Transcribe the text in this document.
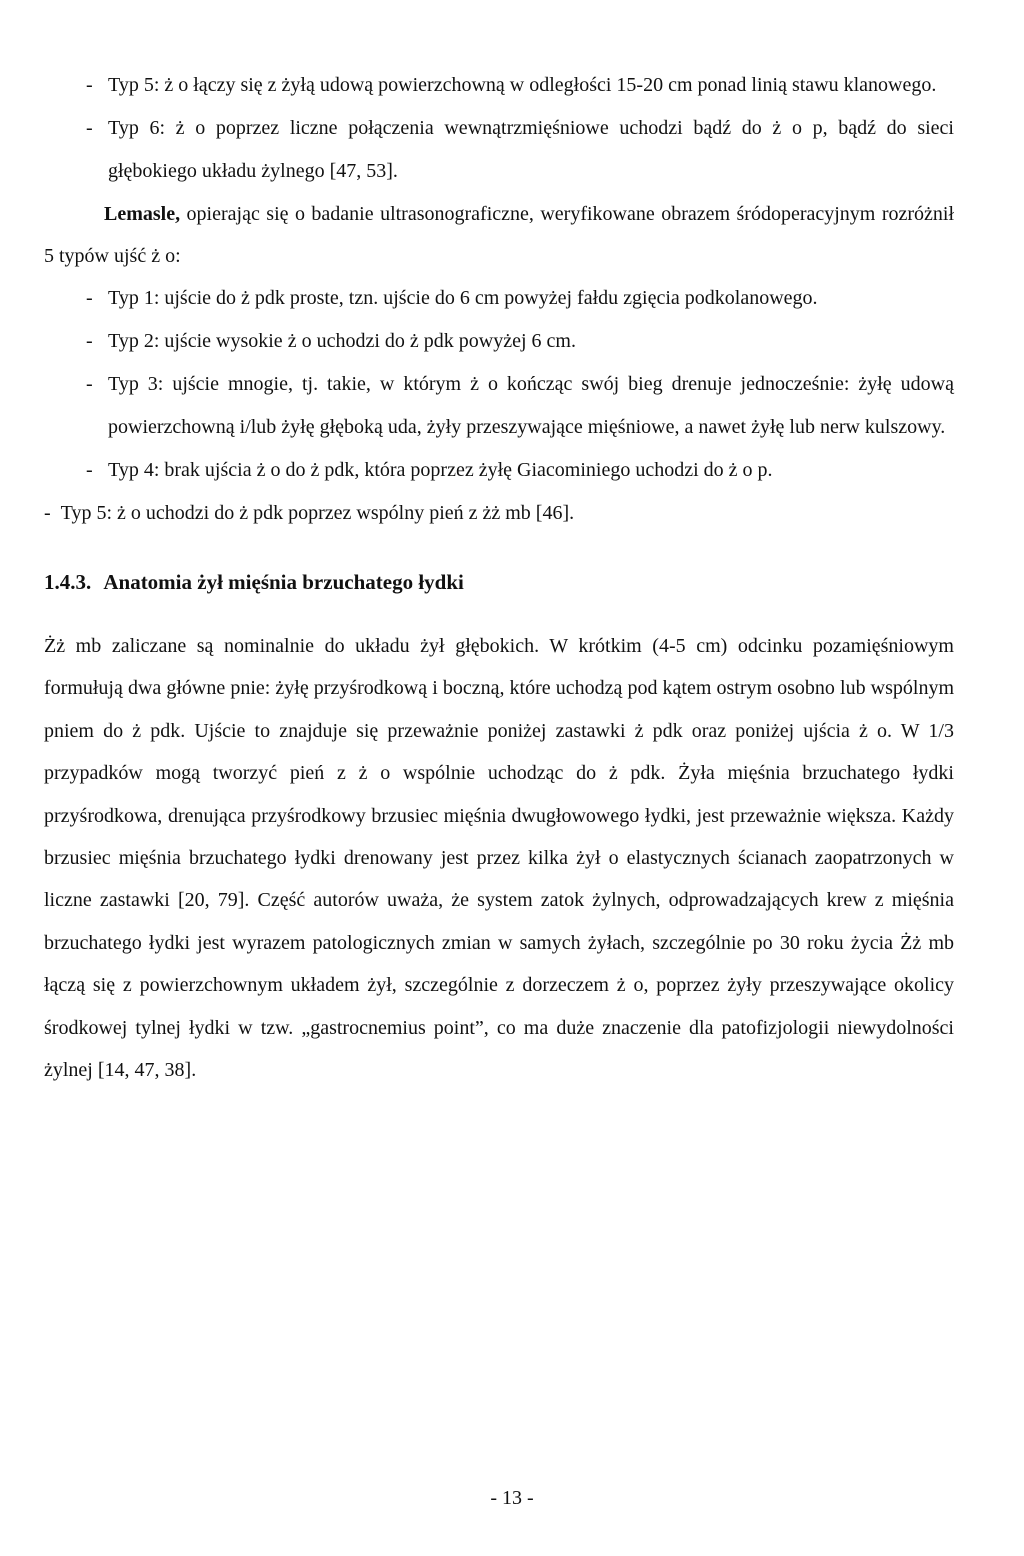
- Typ 5: ż o łączy się z żyłą udową powierzchowną w odległości 15-20 cm ponad linią stawu klanowego.
- Typ 6: ż o poprzez liczne połączenia wewnątrzmięśniowe uchodzi bądź do ż o p, bądź do sieci głębokiego układu żylnego [47, 53].
Lemasle, opierając się o badanie ultrasonograficzne, weryfikowane obrazem śródoperacyjnym rozróżnił 5 typów ujść ż o:
- Typ 1: ujście do ż pdk proste, tzn. ujście do 6 cm powyżej fałdu zgięcia podkolanowego.
- Typ 2: ujście wysokie ż o uchodzi do ż pdk powyżej 6 cm.
- Typ 3: ujście mnogie, tj. takie, w którym ż o kończąc swój bieg drenuje jednocześnie: żyłę udową powierzchowną i/lub żyłę głęboką uda, żyły przeszywające mięśniowe, a nawet żyłę lub nerw kulszowy.
- Typ 4: brak ujścia ż o do ż pdk, która poprzez żyłę Giacominiego uchodzi do ż o p.
- Typ 5: ż o uchodzi do ż pdk poprzez wspólny pień z żż mb [46].
1.4.3. Anatomia żył mięśnia brzuchatego łydki
Żż mb zaliczane są nominalnie do układu żył głębokich. W krótkim (4-5 cm) odcinku pozamięśniowym formułują dwa główne pnie: żyłę przyśrodkową i boczną, które uchodzą pod kątem ostrym osobno lub wspólnym pniem do ż pdk. Ujście to znajduje się przeważnie poniżej zastawki ż pdk oraz poniżej ujścia ż o. W 1/3 przypadków mogą tworzyć pień z ż o wspólnie uchodząc do ż pdk. Żyła mięśnia brzuchatego łydki przyśrodkowa, drenująca przyśrodkowy brzusiec mięśnia dwugłowowego łydki, jest przeważnie większa. Każdy brzusiec mięśnia brzuchatego łydki drenowany jest przez kilka żył o elastycznych ścianach zaopatrzonych w liczne zastawki [20, 79]. Część autorów uważa, że system zatok żylnych, odprowadzających krew z mięśnia brzuchatego łydki jest wyrazem patologicznych zmian w samych żyłach, szczególnie po 30 roku życia Żż mb łączą się z powierzchownym układem żył, szczególnie z dorzeczem ż o, poprzez żyły przeszywające okolicy środkowej tylnej łydki w tzw. „gastrocnemius point”, co ma duże znaczenie dla patofizjologii niewydolności żylnej [14, 47, 38].
- 13 -
